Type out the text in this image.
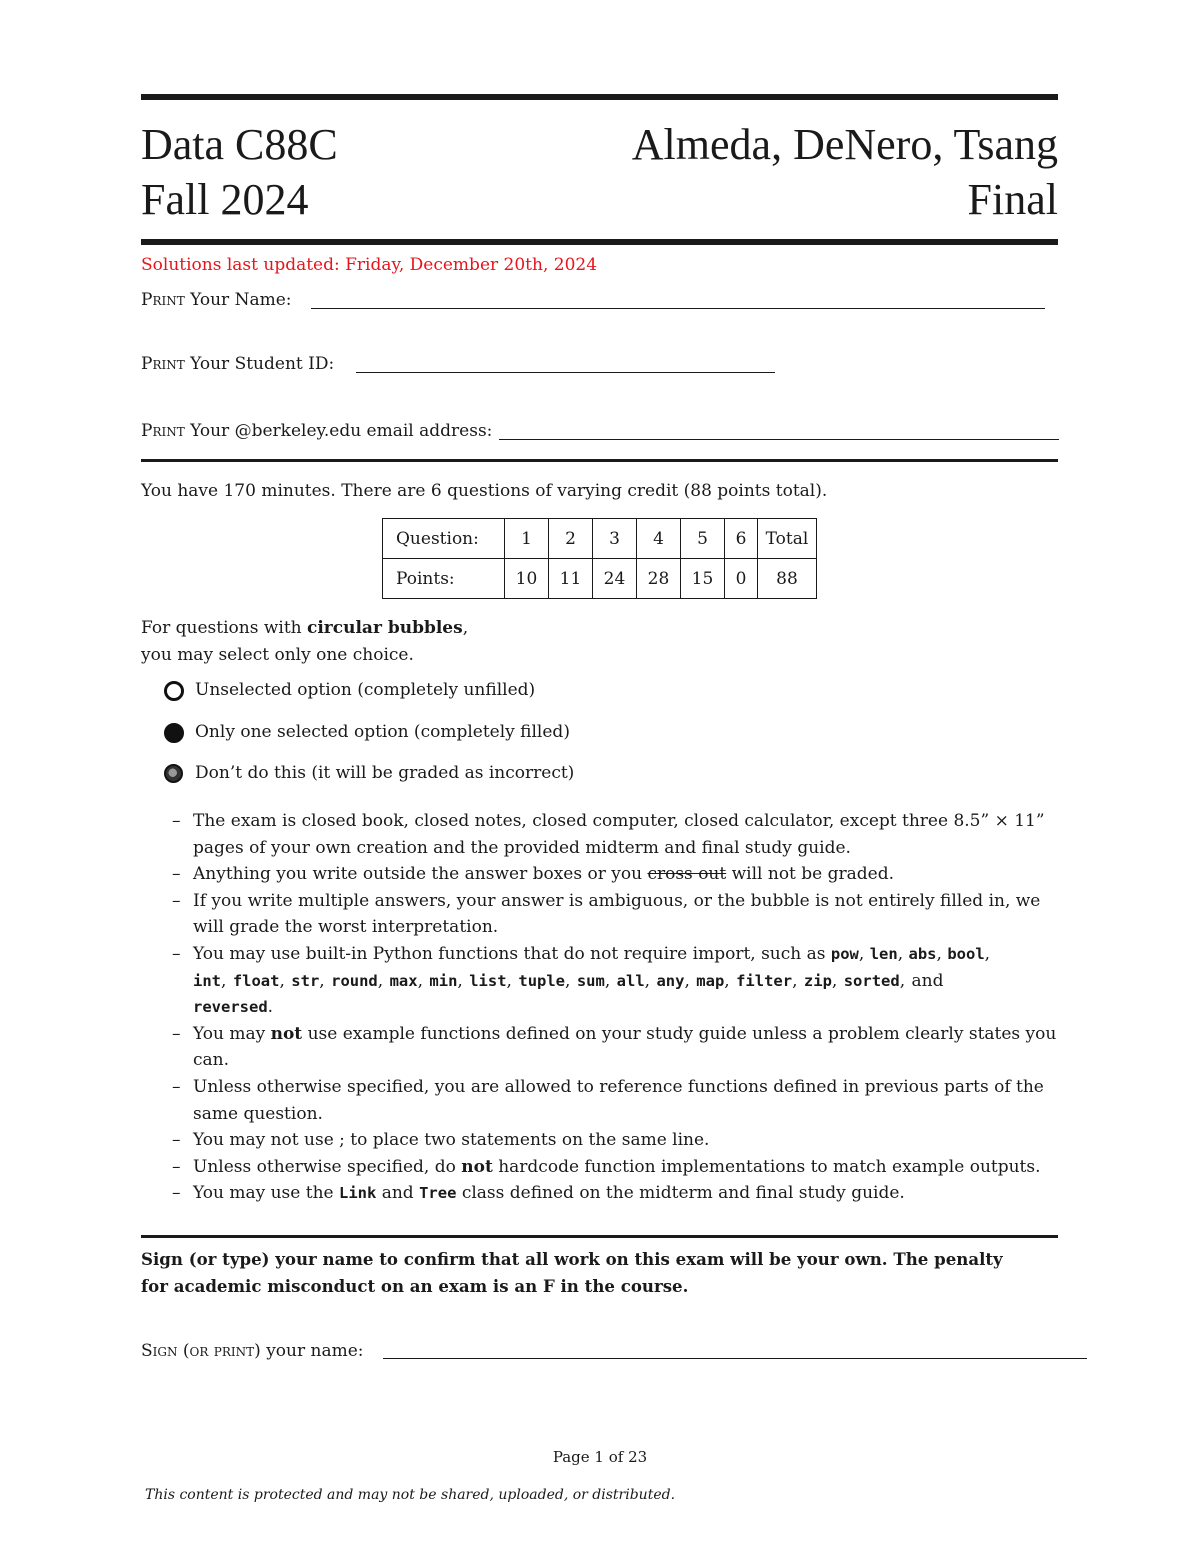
Data C88C	Almeda, DeNero, Tsang
Fall 2024	Final
Solutions last updated: Friday, December 20th, 2024
Print Your Name:
Print Your Student ID:
Print Your @berkeley.edu email address:
You have 170 minutes. There are 6 questions of varying credit (88 points total).
Question:	1	2	3	4	5	6	Total
Points:	10	11	24	28	15	0	88
For questions with circular bubbles,
you may select only one choice.
Unselected option (completely unfilled)
Only one selected option (completely filled)
Don’t do this (it will be graded as incorrect)
– The exam is closed book, closed notes, closed computer, closed calculator, except three 8.5” × 11”
pages of your own creation and the provided midterm and final study guide.
– Anything you write outside the answer boxes or you cross out will not be graded.
– If you write multiple answers, your answer is ambiguous, or the bubble is not entirely filled in, we
will grade the worst interpretation.
– You may use built-in Python functions that do not require import, such as pow, len, abs, bool,
int, float, str, round, max, min, list, tuple, sum, all, any, map, filter, zip, sorted, and
reversed.
– You may not use example functions defined on your study guide unless a problem clearly states you
can.
– Unless otherwise specified, you are allowed to reference functions defined in previous parts of the
same question.
– You may not use ; to place two statements on the same line.
– Unless otherwise specified, do not hardcode function implementations to match example outputs.
– You may use the Link and Tree class defined on the midterm and final study guide.
Sign (or type) your name to confirm that all work on this exam will be your own. The penalty
for academic misconduct on an exam is an F in the course.
Sign (or print) your name:
Page 1 of 23
This content is protected and may not be shared, uploaded, or distributed.
